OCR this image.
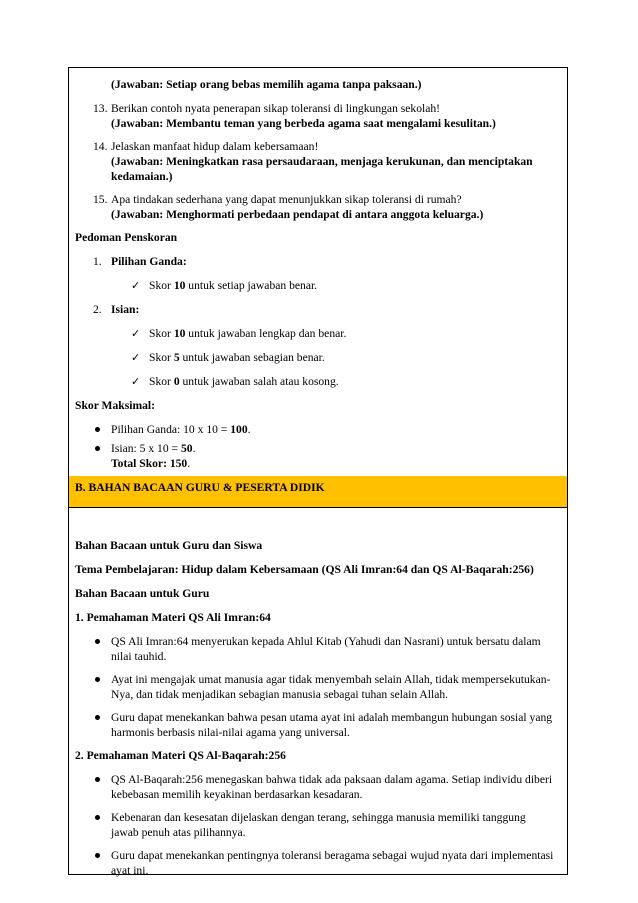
(Jawaban: Setiap orang bebas memilih agama tanpa paksaan.)
13. Berikan contoh nyata penerapan sikap toleransi di lingkungan sekolah!
(Jawaban: Membantu teman yang berbeda agama saat mengalami kesulitan.)
14. Jelaskan manfaat hidup dalam kebersamaan!
(Jawaban: Meningkatkan rasa persaudaraan, menjaga kerukunan, dan menciptakan
kedamaian.)
15. Apa tindakan sederhana yang dapat menunjukkan sikap toleransi di rumah?
(Jawaban: Menghormati perbedaan pendapat di antara anggota keluarga.)
Pedoman Penskoran
1. Pilihan Ganda:
✓ Skor 10 untuk setiap jawaban benar.
2. Isian:
✓ Skor 10 untuk jawaban lengkap dan benar.
✓ Skor 5 untuk jawaban sebagian benar.
✓ Skor 0 untuk jawaban salah atau kosong.
Skor Maksimal:
Pilihan Ganda: 10 x 10 = 100.
Isian: 5 x 10 = 50.
Total Skor: 150.
B. BAHAN BACAAN GURU & PESERTA DIDIK
Bahan Bacaan untuk Guru dan Siswa
Tema Pembelajaran: Hidup dalam Kebersamaan (QS Ali Imran:64 dan QS Al-Baqarah:256)
Bahan Bacaan untuk Guru
1. Pemahaman Materi QS Ali Imran:64
QS Ali Imran:64 menyerukan kepada Ahlul Kitab (Yahudi dan Nasrani) untuk bersatu dalam
nilai tauhid.
Ayat ini mengajak umat manusia agar tidak menyembah selain Allah, tidak mempersekutukan-
Nya, dan tidak menjadikan sebagian manusia sebagai tuhan selain Allah.
Guru dapat menekankan bahwa pesan utama ayat ini adalah membangun hubungan sosial yang
harmonis berbasis nilai-nilai agama yang universal.
2. Pemahaman Materi QS Al-Baqarah:256
QS Al-Baqarah:256 menegaskan bahwa tidak ada paksaan dalam agama. Setiap individu diberi
kebebasan memilih keyakinan berdasarkan kesadaran.
Kebenaran dan kesesatan dijelaskan dengan terang, sehingga manusia memiliki tanggung
jawab penuh atas pilihannya.
Guru dapat menekankan pentingnya toleransi beragama sebagai wujud nyata dari implementasi
ayat ini.
